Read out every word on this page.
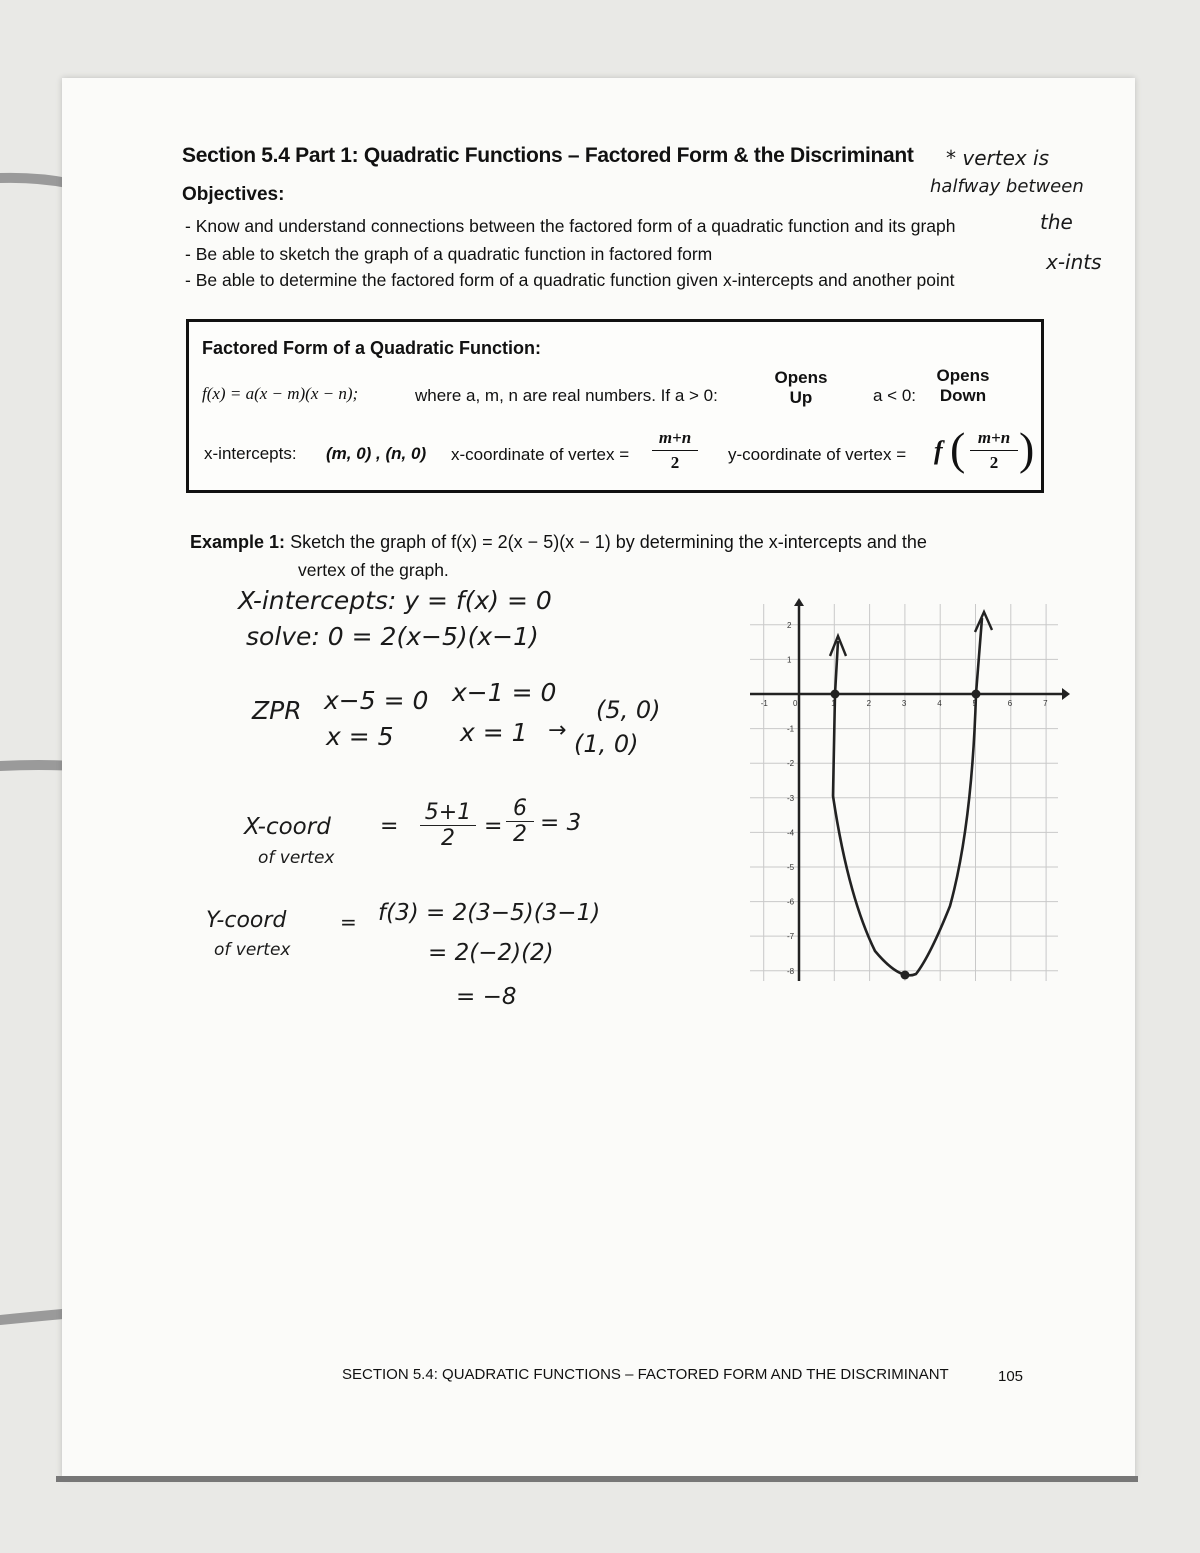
Section 5.4 Part 1: Quadratic Functions – Factored Form & the Discriminant
Objectives:
- Know and understand connections between the factored form of a quadratic function and its graph
- Be able to sketch the graph of a quadratic function in factored form
- Be able to determine the factored form of a quadratic function given x-intercepts and another point
* vertex is
halfway between
the
x-ints
Factored Form of a Quadratic Function:
f(x) = a(x − m)(x − n);	where a, m, n are real numbers. If a > 0:
Opens
Up	a < 0:
Opens
Down
x-intercepts: (m, 0) , (n, 0) x-coordinate of vertex =
m+n
2	y-coordinate of vertex = f ( m+n
2 )
Example 1: Sketch the graph of f(x) = 2(x − 5)(x − 1) by determining the x-intercepts and the
vertex of the graph.
X-intercepts: y = f(x) = 0
solve: 0 = 2(x−5)(x−1)
ZPR x−5 = 0
x = 5
x−1 = 0
x = 1 →
(5, 0)
(1, 0)
X-coord
of vertex
=
5+1
2	=
6
2 = 3
Y-coord
of vertex
= f(3) = 2(3−5)(3−1)
= 2(−2)(2)
= −8
-1	0	1	2	3	4	5	6	7
2
1
-1
-2
-3
-4
-5
-6
-7
-8
SECTION 5.4: QUADRATIC FUNCTIONS – FACTORED FORM AND THE DISCRIMINANT	105
